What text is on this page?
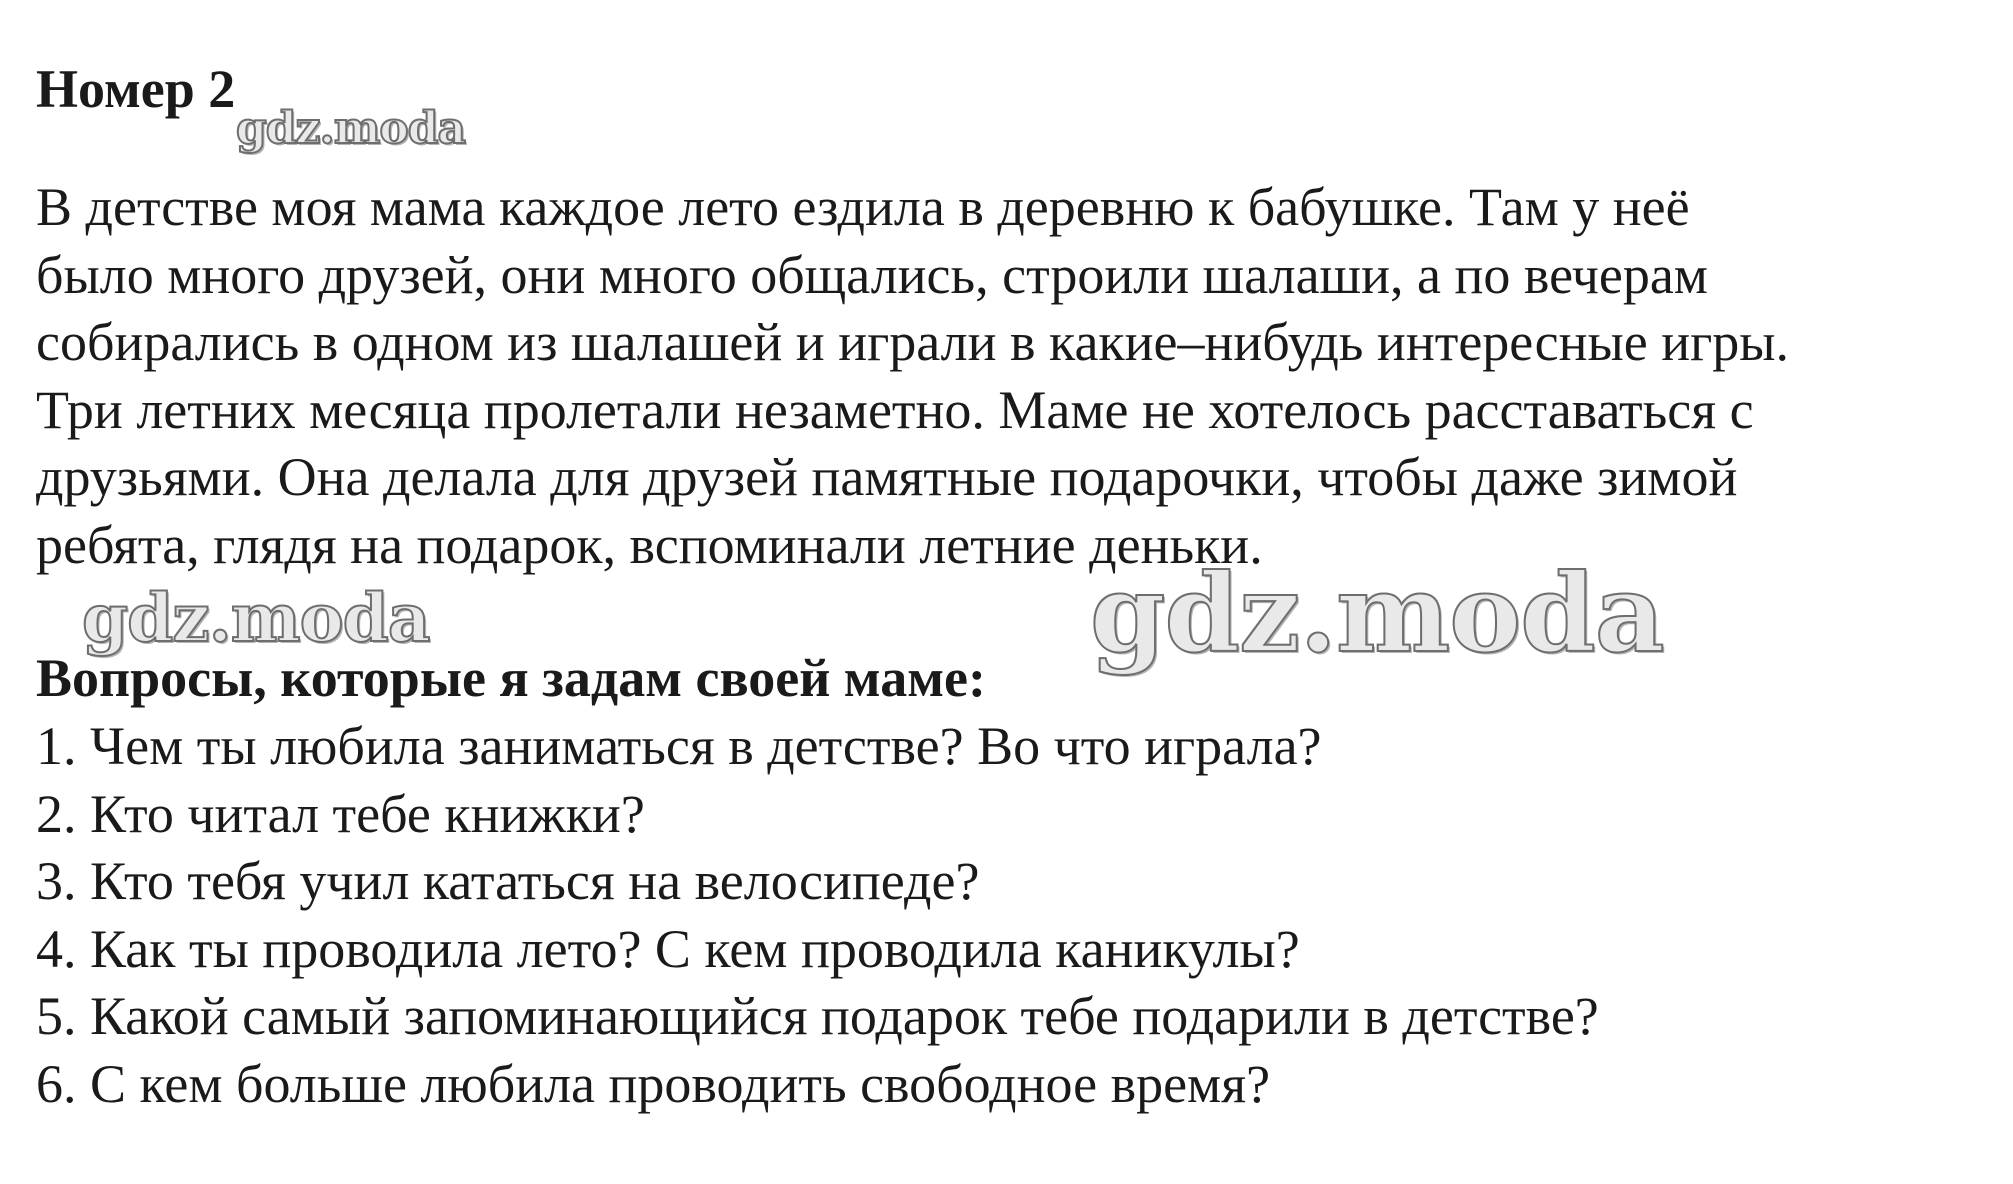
Номер 2
gdz.moda

В детстве моя мама каждое лето ездила в деревню к бабушке. Там у неё
было много друзей, они много общались, строили шалаши, а по вечерам
собирались в одном из шалашей и играли в какие–нибудь интересные игры.
Три летних месяца пролетали незаметно. Маме не хотелось расставаться с
друзьями. Она делала для друзей памятные подарочки, чтобы даже зимой
ребята, глядя на подарок, вспоминали летние деньки.

gdz.moda	gdz.moda
Вопросы, которые я задам своей маме:
1. Чем ты любила заниматься в детстве? Во что играла?
2. Кто читал тебе книжки?
3. Кто тебя учил кататься на велосипеде?
4. Как ты проводила лето? С кем проводила каникулы?
5. Какой самый запоминающийся подарок тебе подарили в детстве?
6. С кем больше любила проводить свободное время?
